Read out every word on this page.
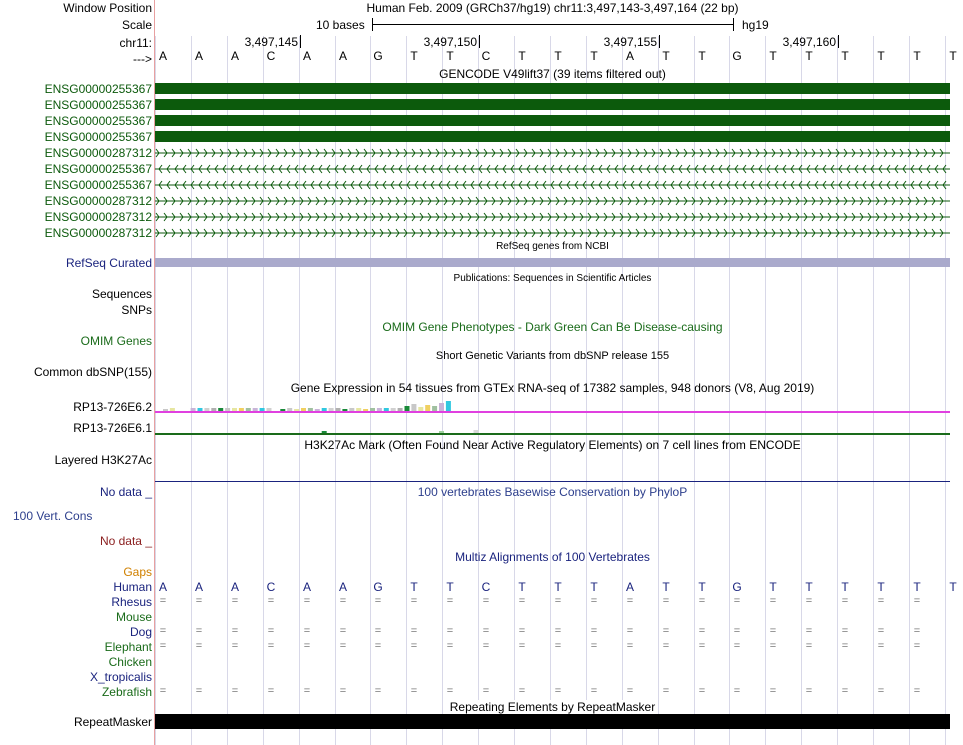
Window Position	Human Feb. 2009 (GRCh37/hg19) chr11:3,497,143-3,497,164 (22 bp)
Scale	10 bases	hg19
chr11:
--->
3,497,145	3,497,150	3,497,155	3,497,160
A	A	A	C	A	A	G	T	T	C	T	T	T	A	T	T	G	T	T	T	T	T	T
GENCODE V49lift37 (39 items filtered out)
ENSG00000255367
ENSG00000255367
ENSG00000255367
ENSG00000255367
ENSG00000287312
ENSG00000255367
ENSG00000255367
ENSG00000287312
ENSG00000287312
ENSG00000287312
RefSeq genes from NCBI
RefSeq Curated
Publications: Sequences in Scientific Articles
Sequences
SNPs
OMIM Gene Phenotypes - Dark Green Can Be Disease-causing
OMIM Genes
Short Genetic Variants from dbSNP release 155
Common dbSNP(155)
Gene Expression in 54 tissues from GTEx RNA-seq of 17382 samples, 948 donors (V8, Aug 2019)
RP13-726E6.2
RP13-726E6.1
H3K27Ac Mark (Often Found Near Active Regulatory Elements) on 7 cell lines from ENCODE
Layered H3K27Ac
No data _	100 vertebrates Basewise Conservation by PhyloP
100 Vert. Cons
No data _
Multiz Alignments of 100 Vertebrates
Gaps
Human A	A	A	C	A	A	G	T	T	C	T	T	T	A	T	T	G	T	T	T	T	T	T
Rhesus =	=	=	=	=	=	=	=	=	=	=	=	=	=	=	=	=	=	=	=	=	=
Mouse
Dog =	=	=	=	=	=	=	=	=	=	=	=	=	=	=	=	=	=	=	=	=	=
Elephant =	=	=	=	=	=	=	=	=	=	=	=	=	=	=	=	=	=	=	=	=	=
Chicken
X_tropicalis
Zebrafish =	=	=	=	=	=	=	=	=	=	=	=	=	=	=	=	=	=	=	=	=	=
Repeating Elements by RepeatMasker
RepeatMasker
